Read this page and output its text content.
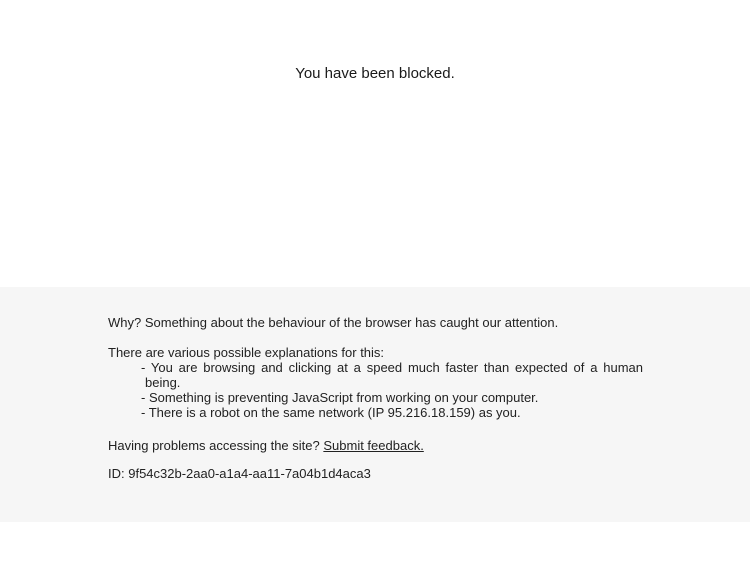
You have been blocked.
Why? Something about the behaviour of the browser has caught our attention.
There are various possible explanations for this:
- You are browsing and clicking at a speed much faster than expected of a human being.
- Something is preventing JavaScript from working on your computer.
- There is a robot on the same network (IP 95.216.18.159) as you.
Having problems accessing the site? Submit feedback.
ID: 9f54c32b-2aa0-a1a4-aa11-7a04b1d4aca3
